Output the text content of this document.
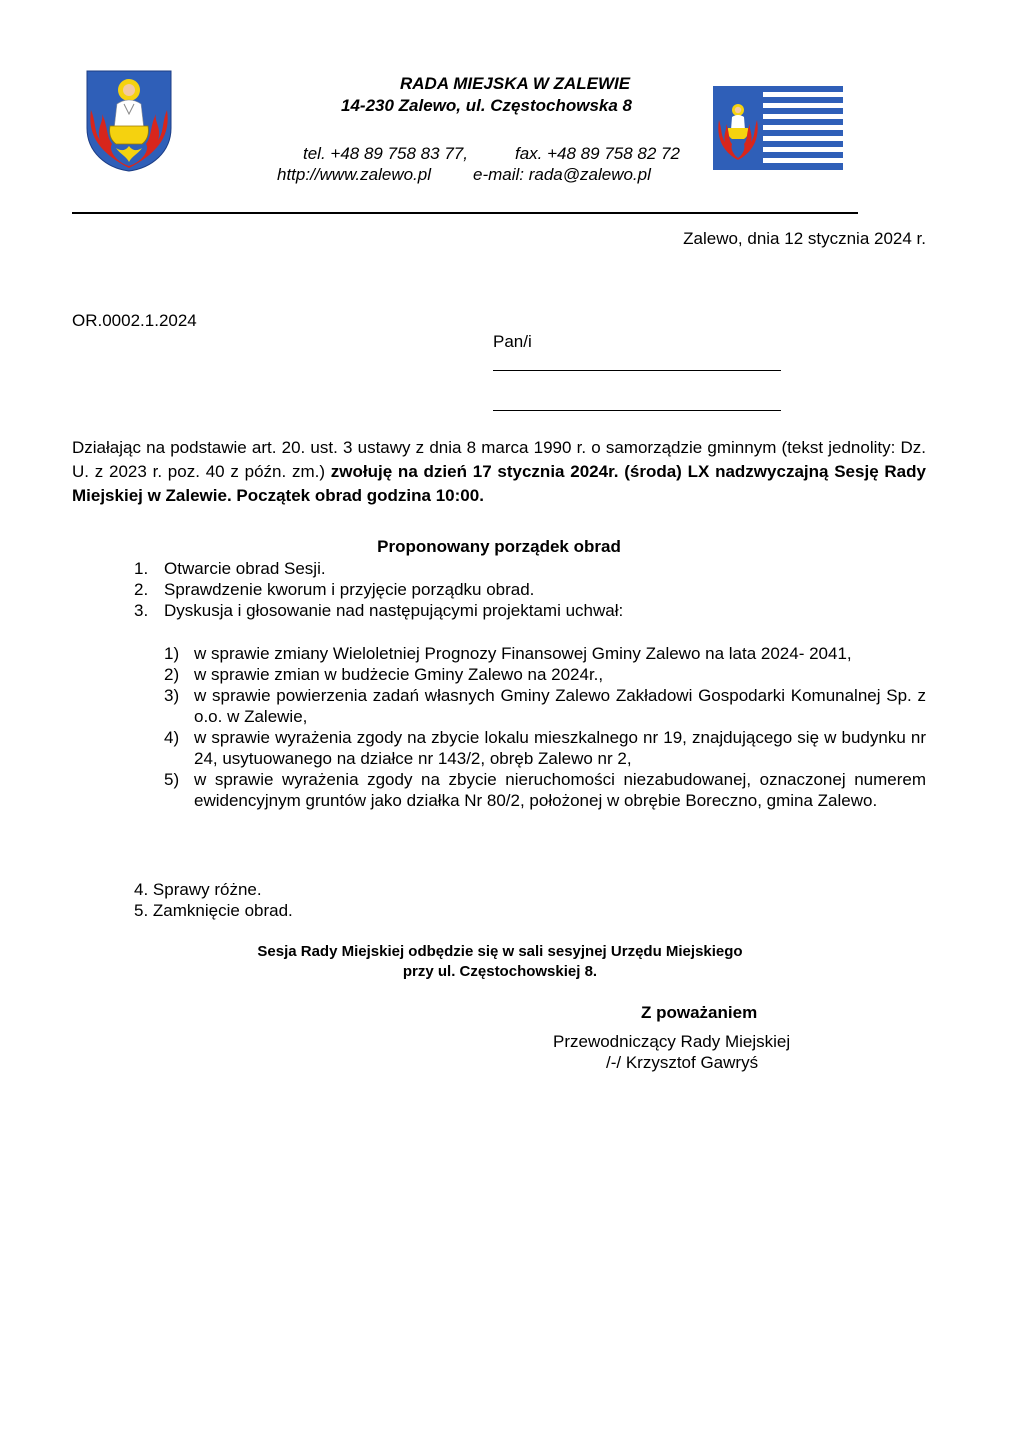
RADA MIEJSKA W ZALEWIE
14-230 Zalewo, ul. Częstochowska 8
tel. +48 89 758 83 77,	fax. +48 89 758 82 72
http://www.zalewo.pl e-mail: rada@zalewo.pl
Zalewo, dnia 12 stycznia 2024 r.
OR.0002.1.2024
Pan/i
Działając na podstawie art. 20. ust. 3 ustawy z dnia 8 marca 1990 r. o samorządzie gminnym (tekst jednolity: Dz. U. z 2023 r. poz. 40 z późn. zm.) zwołuję na dzień 17 stycznia 2024r. (środa) LX nadzwyczajną Sesję Rady Miejskiej w Zalewie. Początek obrad godzina 10:00.
Proponowany porządek obrad
1. Otwarcie obrad Sesji.
2. Sprawdzenie kworum i przyjęcie porządku obrad.
3. Dyskusja i głosowanie nad następującymi projektami uchwał:
1) w sprawie zmiany Wieloletniej Prognozy Finansowej Gminy Zalewo na lata 2024- 2041,
2) w sprawie zmian w budżecie Gminy Zalewo na 2024r.,
3) w sprawie powierzenia zadań własnych Gminy Zalewo Zakładowi Gospodarki Komunalnej Sp. z o.o. w Zalewie,
4) w sprawie wyrażenia zgody na zbycie lokalu mieszkalnego nr 19, znajdującego się w budynku nr 24, usytuowanego na działce nr 143/2, obręb Zalewo nr 2,
5) w sprawie wyrażenia zgody na zbycie nieruchomości niezabudowanej, oznaczonej numerem ewidencyjnym gruntów jako działka Nr 80/2, położonej w obrębie Boreczno, gmina Zalewo.
4. Sprawy różne.
5. Zamknięcie obrad.
Sesja Rady Miejskiej odbędzie się w sali sesyjnej Urzędu Miejskiego
przy ul. Częstochowskiej 8.
Z poważaniem
Przewodniczący Rady Miejskiej
/-/ Krzysztof Gawryś
